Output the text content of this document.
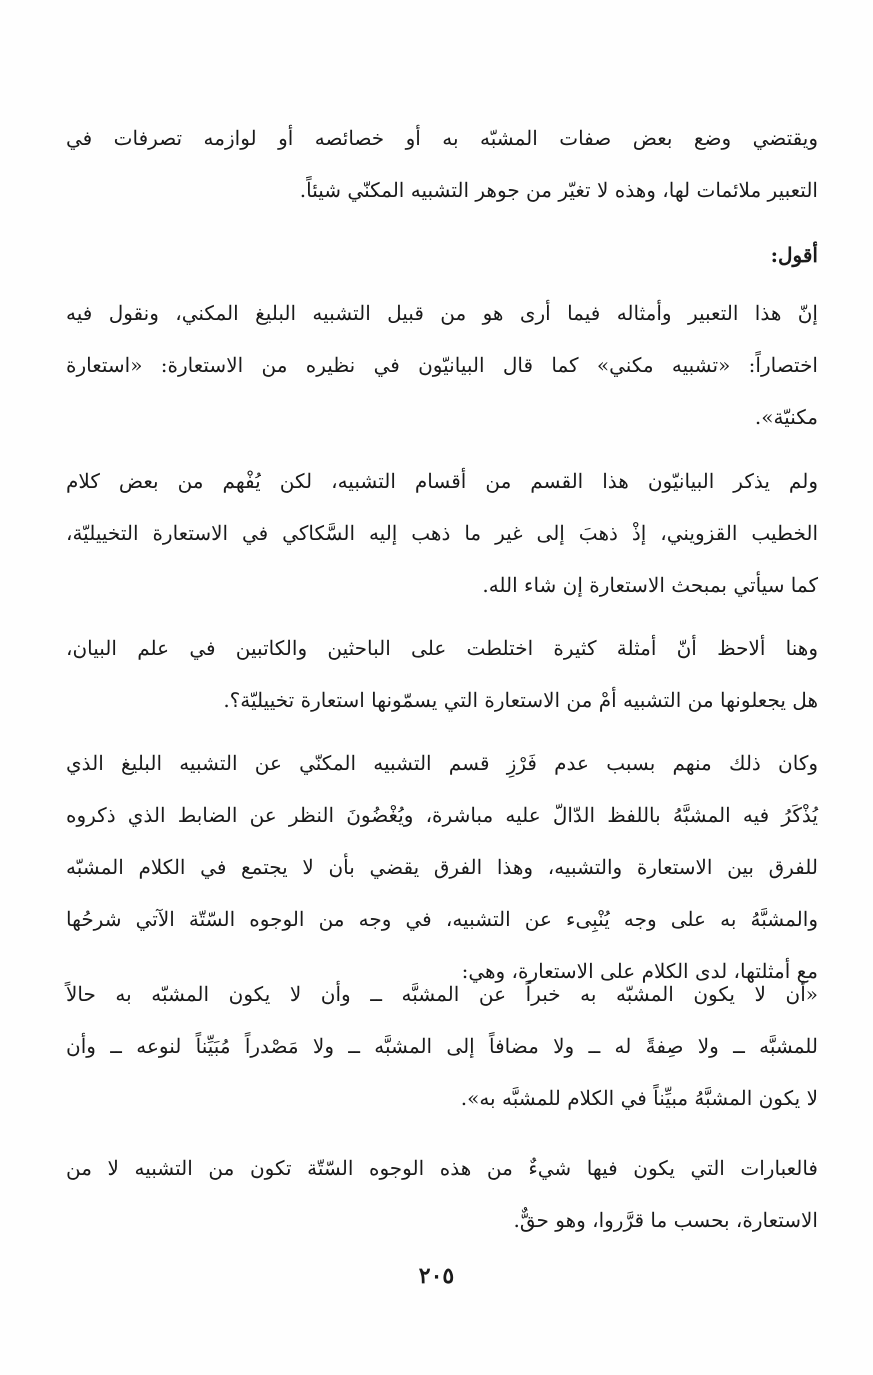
ويقتضي وضع بعض صفات المشبّه به أو خصائصه أو لوازمه تصرفات في
التعبير ملائمات لها، وهذه لا تغيّر من جوهر التشبيه المكنّي شيئاً.
أقول:
إنّ هذا التعبير وأمثاله فيما أرى هو من قبيل التشبيه البليغ المكني، ونقول فيه
اختصاراً: «تشبيه مكني» كما قال البيانيّون في نظيره من الاستعارة: «استعارة
مكنيّة».
ولم يذكر البيانيّون هذا القسم من أقسام التشبيه، لكن يُفْهم من بعض كلام
الخطيب القزويني، إذْ ذهبَ إلى غير ما ذهب إليه السَّكاكي في الاستعارة التخييليّة،
كما سيأتي بمبحث الاستعارة إن شاء الله.
وهنا ألاحظ أنّ أمثلة كثيرة اختلطت على الباحثين والكاتبين في علم البيان،
هل يجعلونها من التشبيه أمْ من الاستعارة التي يسمّونها استعارة تخييليّة؟.
وكان ذلك منهم بسبب عدم فَرْزِ قسم التشبيه المكنّي عن التشبيه البليغ الذي
يُذْكَرُ فيه المشبَّهُ باللفظ الدّالّ عليه مباشرة، ويُغْضُونَ النظر عن الضابط الذي ذكروه
للفرق بين الاستعارة والتشبيه، وهذا الفرق يقضي بأن لا يجتمع في الكلام المشبّه
والمشبَّهُ به على وجه يُنْبِىء عن التشبيه، في وجه من الوجوه السّتّة الآتي شرحُها
مع أمثلتها، لدى الكلام على الاستعارة، وهي:
«أن لا يكون المشبّه به خبراً عن المشبَّه ــ وأن لا يكون المشبّه به حالاً
للمشبَّه ــ ولا صِفةً له ــ ولا مضافاً إلى المشبَّه ــ ولا مَصْدراً مُبَيِّناً لنوعه ــ وأن
لا يكون المشبَّهُ مبيِّناً في الكلام للمشبَّه به».
فالعبارات التي يكون فيها شيءٌ من هذه الوجوه السّتّة تكون من التشبيه لا من
الاستعارة، بحسب ما قرَّروا، وهو حقٌّ.
٢٠٥
